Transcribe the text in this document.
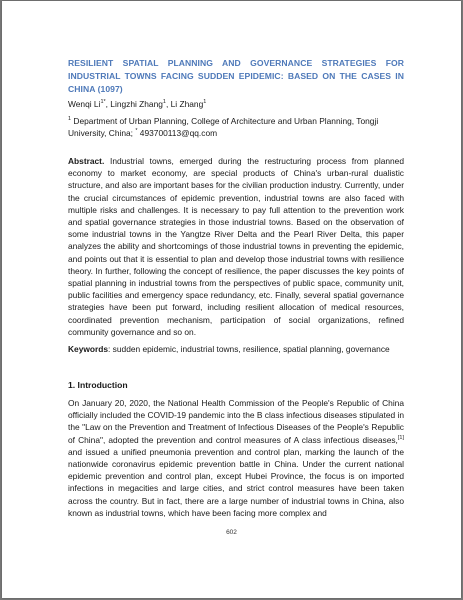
RESILIENT SPATIAL PLANNING AND GOVERNANCE STRATEGIES FOR INDUSTRIAL TOWNS FACING SUDDEN EPIDEMIC: BASED ON THE CASES IN CHINA (1097)
Wenqi $Li^{1*}$, Lingzhi Zhang$^1$, Li Zhang$^1$
$^1$ Department of Urban Planning, College of Architecture and Urban Planning, Tongji University, China; * 493700113@qq.com
Abstract. Industrial towns, emerged during the restructuring process from planned economy to market economy, are special products of China's urban-rural dualistic structure, and also are important bases for the civilian production industry. Currently, under the crucial circumstances of epidemic prevention, industrial towns are also faced with multiple risks and challenges. It is necessary to pay full attention to the prevention work and spatial governance strategies in those industrial towns. Based on the observation of some industrial towns in the Yangtze River Delta and the Pearl River Delta, this paper analyzes the ability and shortcomings of those industrial towns in preventing the epidemic, and points out that it is essential to plan and develop those industrial towns with resilience theory. In further, following the concept of resilience, the paper discusses the key points of spatial planning in industrial towns from the perspectives of public space, community unit, public facilities and emergency space redundancy, etc. Finally, several spatial governance strategies have been put forward, including resilient allocation of medical resources, coordinated prevention mechanism, participation of social organizations, refined community governance and so on.
Keywords: sudden epidemic, industrial towns, resilience, spatial planning, governance
1. Introduction
On January 20, 2020, the National Health Commission of the People's Republic of China officially included the COVID-19 pandemic into the B class infectious diseases stipulated in the "Law on the Prevention and Treatment of Infectious Diseases of the People's Republic of China", adopted the prevention and control measures of A class infectious diseases,[1] and issued a unified pneumonia prevention and control plan, marking the launch of the nationwide coronavirus epidemic prevention battle in China. Under the current national epidemic prevention and control plan, except Hubei Province, the focus is on imported infections in megacities and large cities, and strict control measures have been taken across the country. But in fact, there are a large number of industrial towns in China, also known as industrial towns, which have been facing more complex and
602
